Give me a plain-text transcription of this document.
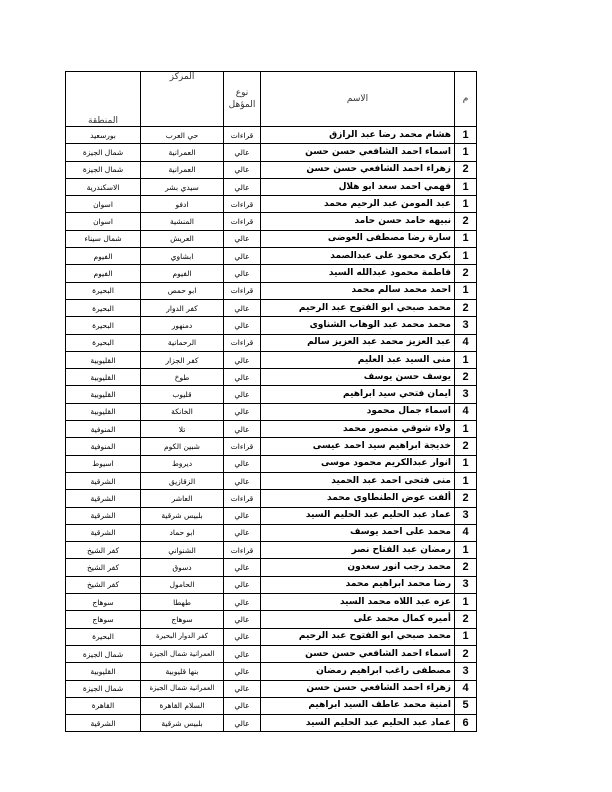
م	الاسم	نوع المؤهل	المركز	المنطقة
1	هشام محمد رضا عبد الرازق	قراءات	حي العرب	بورسعيد
1	اسماء احمد الشافعي حسن حسن	عالي	العمرانية	شمال الجيزة
2	زهراء احمد الشافعي حسن حسن	عالي	العمرانية	شمال الجيزة
1	فهمي احمد سعد ابو هلال	عالي	سيدي بشر	الاسكندرية
1	عبد المومن عبد الرحيم محمد	قراءات	ادفو	اسوان
2	نبيهه حامد حسن حامد	قراءات	المنشية	اسوان
1	سارة رضا مصطفى العوضى	عالي	العريش	شمال سيناء
1	بكرى محمود على عبدالصمد	عالي	ابشاوي	الفيوم
2	فاطمة محمود عبدالله السيد	عالي	الفيوم	الفيوم
1	احمد محمد سالم محمد	قراءات	ابو حمص	البحيرة
2	محمد صبحي ابو الفتوح عبد الرحيم	عالي	كفر الدوار	البحيرة
3	محمد محمد عبد الوهاب الشناوى	عالي	دمنهور	البحيرة
4	عبد العزيز محمد عبد العزيز سالم	قراءات	الرحمانية	البحيرة
1	منى السيد عبد العليم	عالي	كفر الجزار	القليوبية
2	يوسف حسن يوسف	عالي	طوخ	القليوبية
3	ايمان فتحي سيد ابراهيم	عالي	قليوب	القليوبية
4	اسماء جمال محمود	عالي	الخانكة	القليوبية
1	ولاء شوقي منصور محمد	عالي	تلا	المنوفية
2	خديجة ابراهيم سيد احمد عيسى	قراءات	شبين الكوم	المنوفية
1	انوار عبدالكريم محمود موسى	عالي	ديروط	اسيوط
1	منى فتحى احمد عبد الحميد	عالي	الزقازيق	الشرقية
2	ألفت عوض الطنطاوى محمد	قراءات	العاشر	الشرقية
3	عماد عبد الحليم عبد الحليم السيد	عالي	بلبيس شرقية	الشرقية
4	محمد على احمد يوسف	عالي	ابو حماد	الشرقية
1	رمضان عبد الفتاح نصر	قراءات	الشنواني	كفر الشيخ
2	محمد رجب انور سعدون	عالي	دسوق	كفر الشيخ
3	رضا محمد ابراهيم محمد	عالي	الحامول	كفر الشيخ
1	عزه عبد اللاه محمد السيد	عالي	طهطا	سوهاج
2	أميره كمال محمد على	عالي	سوهاج	سوهاج
1	محمد صبحي ابو الفتوح عبد الرحيم	عالي	كفر الدوار البحيرة	البحيرة
2	اسماء احمد الشافعي حسن حسن	عالي	العمرانية شمال الجيزة	شمال الجيزة
3	مصطفى راغب ابراهيم رمضان	عالي	بنها قليوبية	القليوبية
4	زهراء احمد الشافعي حسن حسن	عالي	العمرانية شمال الجيزة	شمال الجيزة
5	امنية محمد عاطف السيد ابراهيم	عالي	السلام القاهرة	القاهرة
6	عماد عبد الحليم عبد الحليم السيد	عالي	بلبيس شرقية	الشرقية
